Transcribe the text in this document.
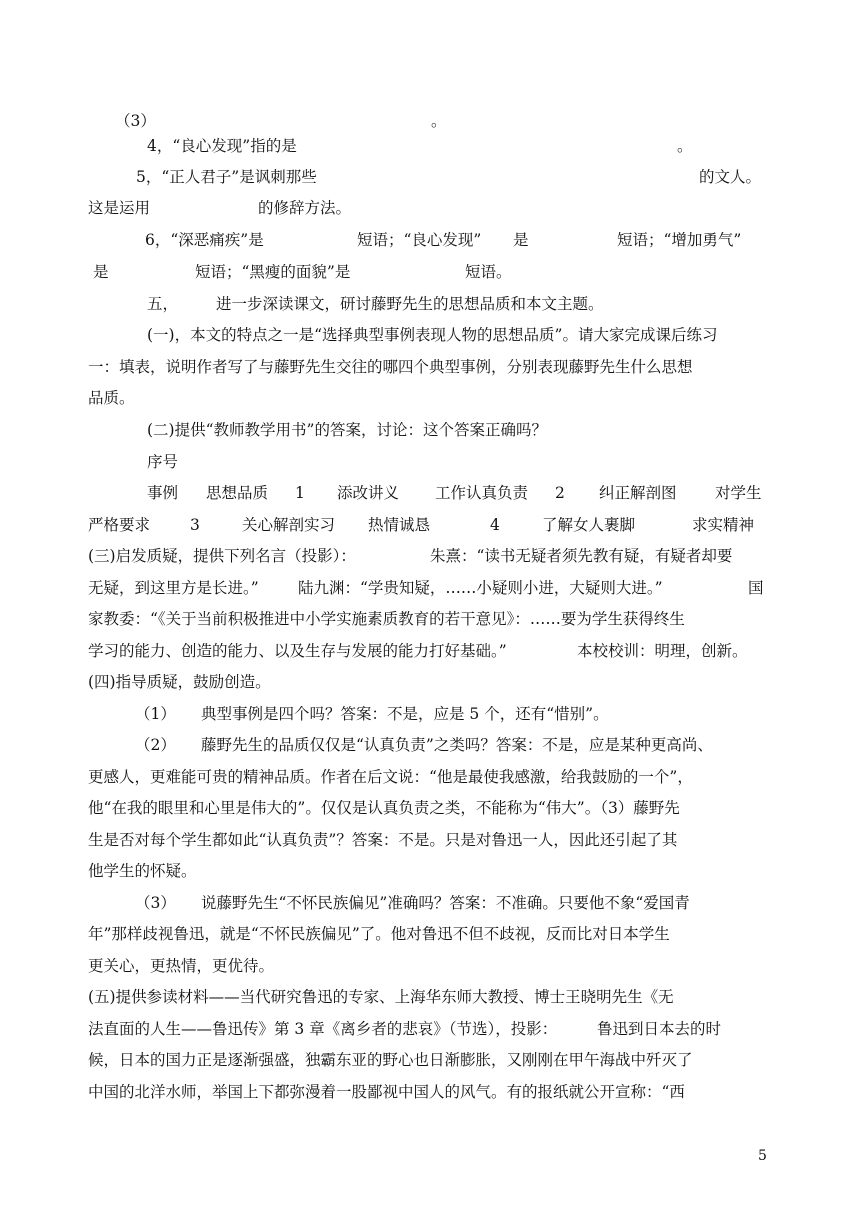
（3）	。
4，“良心发现”指的是	。
5，“正人君子”是讽刺那些	的文人。
这是运用	的修辞方法。
6，“深恶痛疾”是	短语；“良心发现” 是	短语；“增加勇气”
是	短语；“黑瘦的面貌”是	短语。
五， 进一步深读课文，研讨藤野先生的思想品质和本文主题。
(一)，本文的特点之一是“选择典型事例表现人物的思想品质”。请大家完成课后练习
一：填表，说明作者写了与藤野先生交往的哪四个典型事例，分别表现藤野先生什么思想
品质。
(二)提供“教师教学用书”的答案，讨论：这个答案正确吗？
序号
事例 思想品质 1 添改讲义 工作认真负责 2 纠正解剖图 对学生
严格要求	3	关心解剖实习 热情诚恳	4	了解女人裹脚	求实精神
(三)启发质疑，提供下列名言（投影）：	朱熹：“读书无疑者须先教有疑，有疑者却要
无疑，到这里方是长进。”	陆九渊：“学贵知疑，……小疑则小进，大疑则大进。”	国
家教委：“《关于当前积极推进中小学实施素质教育的若干意见》：……要为学生获得终生
学习的能力、创造的能力、以及生存与发展的能力打好基础。”	本校校训：明理，创新。
(四)指导质疑，鼓励创造。
（1） 典型事例是四个吗？答案：不是，应是 5 个，还有“惜别”。
（2） 藤野先生的品质仅仅是“认真负责”之类吗？答案：不是，应是某种更高尚、
更感人，更难能可贵的精神品质。作者在后文说：“他是最使我感激，给我鼓励的一个”，
他“在我的眼里和心里是伟大的”。仅仅是认真负责之类，不能称为“伟大”。（3）藤野先
生是否对每个学生都如此“认真负责”？答案：不是。只是对鲁迅一人，因此还引起了其
他学生的怀疑。
（3） 说藤野先生“不怀民族偏见”准确吗？答案：不准确。只要他不象“爱国青
年”那样歧视鲁迅，就是“不怀民族偏见”了。他对鲁迅不但不歧视，反而比对日本学生
更关心，更热情，更优待。
(五)提供参读材料——当代研究鲁迅的专家、上海华东师大教授、博士王晓明先生《无
法直面的人生——鲁迅传》第 3 章《离乡者的悲哀》（节选），投影：	鲁迅到日本去的时
候，日本的国力正是逐渐强盛，独霸东亚的野心也日渐膨胀，又刚刚在甲午海战中歼灭了
中国的北洋水师，举国上下都弥漫着一股鄙视中国人的风气。有的报纸就公开宣称：“西
5
